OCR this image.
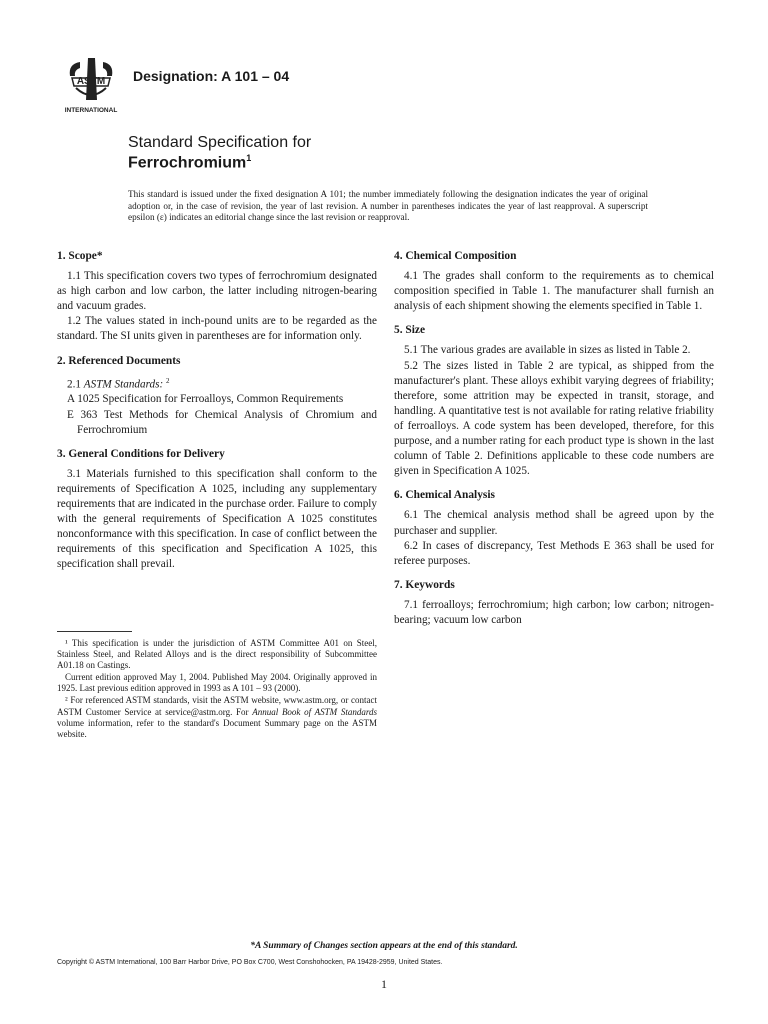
ASTM
INTERNATIONAL
Designation: A 101 – 04
Standard Specification for
Ferrochromium$^1$
This standard is issued under the fixed designation A 101; the number immediately following the designation indicates the year of original adoption or, in the case of revision, the year of last revision. A number in parentheses indicates the year of last reapproval. A superscript epsilon (ε) indicates an editorial change since the last revision or reapproval.
1. Scope*

1.1 This specification covers two types of ferrochromium designated as high carbon and low carbon, the latter including nitrogen-bearing and vacuum grades.

1.2 The values stated in inch-pound units are to be regarded as the standard. The SI units given in parentheses are for information only.

2. Referenced Documents

2.1 ASTM Standards: $^2$

A 1025 Specification for Ferroalloys, Common Requirements

E 363 Test Methods for Chemical Analysis of Chromium and Ferrochromium

3. General Conditions for Delivery

3.1 Materials furnished to this specification shall conform to the requirements of Specification A 1025, including any supplementary requirements that are indicated in the purchase order. Failure to comply with the general requirements of Specification A 1025 constitutes nonconformance with this specification. In case of conflict between the requirements of this specification and Specification A 1025, this specification shall prevail.

¹ This specification is under the jurisdiction of ASTM Committee A01 on Steel, Stainless Steel, and Related Alloys and is the direct responsibility of Subcommittee A01.18 on Castings.

Current edition approved May 1, 2004. Published May 2004. Originally approved in 1925. Last previous edition approved in 1993 as A 101 – 93 (2000).

² For referenced ASTM standards, visit the ASTM website, www.astm.org, or contact ASTM Customer Service at service@astm.org. For Annual Book of ASTM Standards volume information, refer to the standard's Document Summary page on the ASTM website.

4. Chemical Composition

4.1 The grades shall conform to the requirements as to chemical composition specified in Table 1. The manufacturer shall furnish an analysis of each shipment showing the elements specified in Table 1.

5. Size

5.1 The various grades are available in sizes as listed in Table 2.

5.2 The sizes listed in Table 2 are typical, as shipped from the manufacturer's plant. These alloys exhibit varying degrees of friability; therefore, some attrition may be expected in transit, storage, and handling. A quantitative test is not available for rating relative friability of ferroalloys. A code system has been developed, therefore, for this purpose, and a number rating for each product type is shown in the last column of Table 2. Definitions applicable to these code numbers are given in Specification A 1025.

6. Chemical Analysis

6.1 The chemical analysis method shall be agreed upon by the purchaser and supplier.

6.2 In cases of discrepancy, Test Methods E 363 shall be used for referee purposes.

7. Keywords

7.1 ferroalloys; ferrochromium; high carbon; low carbon; nitrogen-bearing; vacuum low carbon

*A Summary of Changes section appears at the end of this standard.
Copyright © ASTM International, 100 Barr Harbor Drive, PO Box C700, West Conshohocken, PA 19428-2959, United States.
1
